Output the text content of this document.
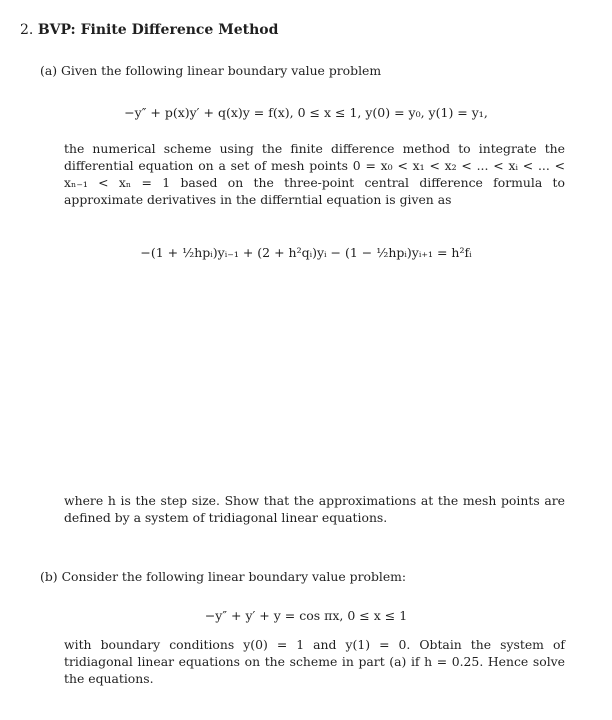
2. BVP: Finite Difference Method
(a) Given the following linear boundary value problem
−y″ + p(x)y′ + q(x)y = f(x), 0 ≤ x ≤ 1, y(0) = y₀, y(1) = y₁,
the numerical scheme using the finite difference method to integrate the differential equation on a set of mesh points 0 = x₀ < x₁ < x₂ < ... < xᵢ < ... < xₙ₋₁ < xₙ = 1 based on the three-point central difference formula to approximate derivatives in the differntial equation is given as
−(1 + ½hpᵢ)yᵢ₋₁ + (2 + h²qᵢ)yᵢ − (1 − ½hpᵢ)yᵢ₊₁ = h²fᵢ
where h is the step size. Show that the approximations at the mesh points are defined by a system of tridiagonal linear equations.
(b) Consider the following linear boundary value problem:
−y″ + y′ + y = cos πx, 0 ≤ x ≤ 1
with boundary conditions y(0) = 1 and y(1) = 0. Obtain the system of tridiagonal linear equations on the scheme in part (a) if h = 0.25. Hence solve the equations.
